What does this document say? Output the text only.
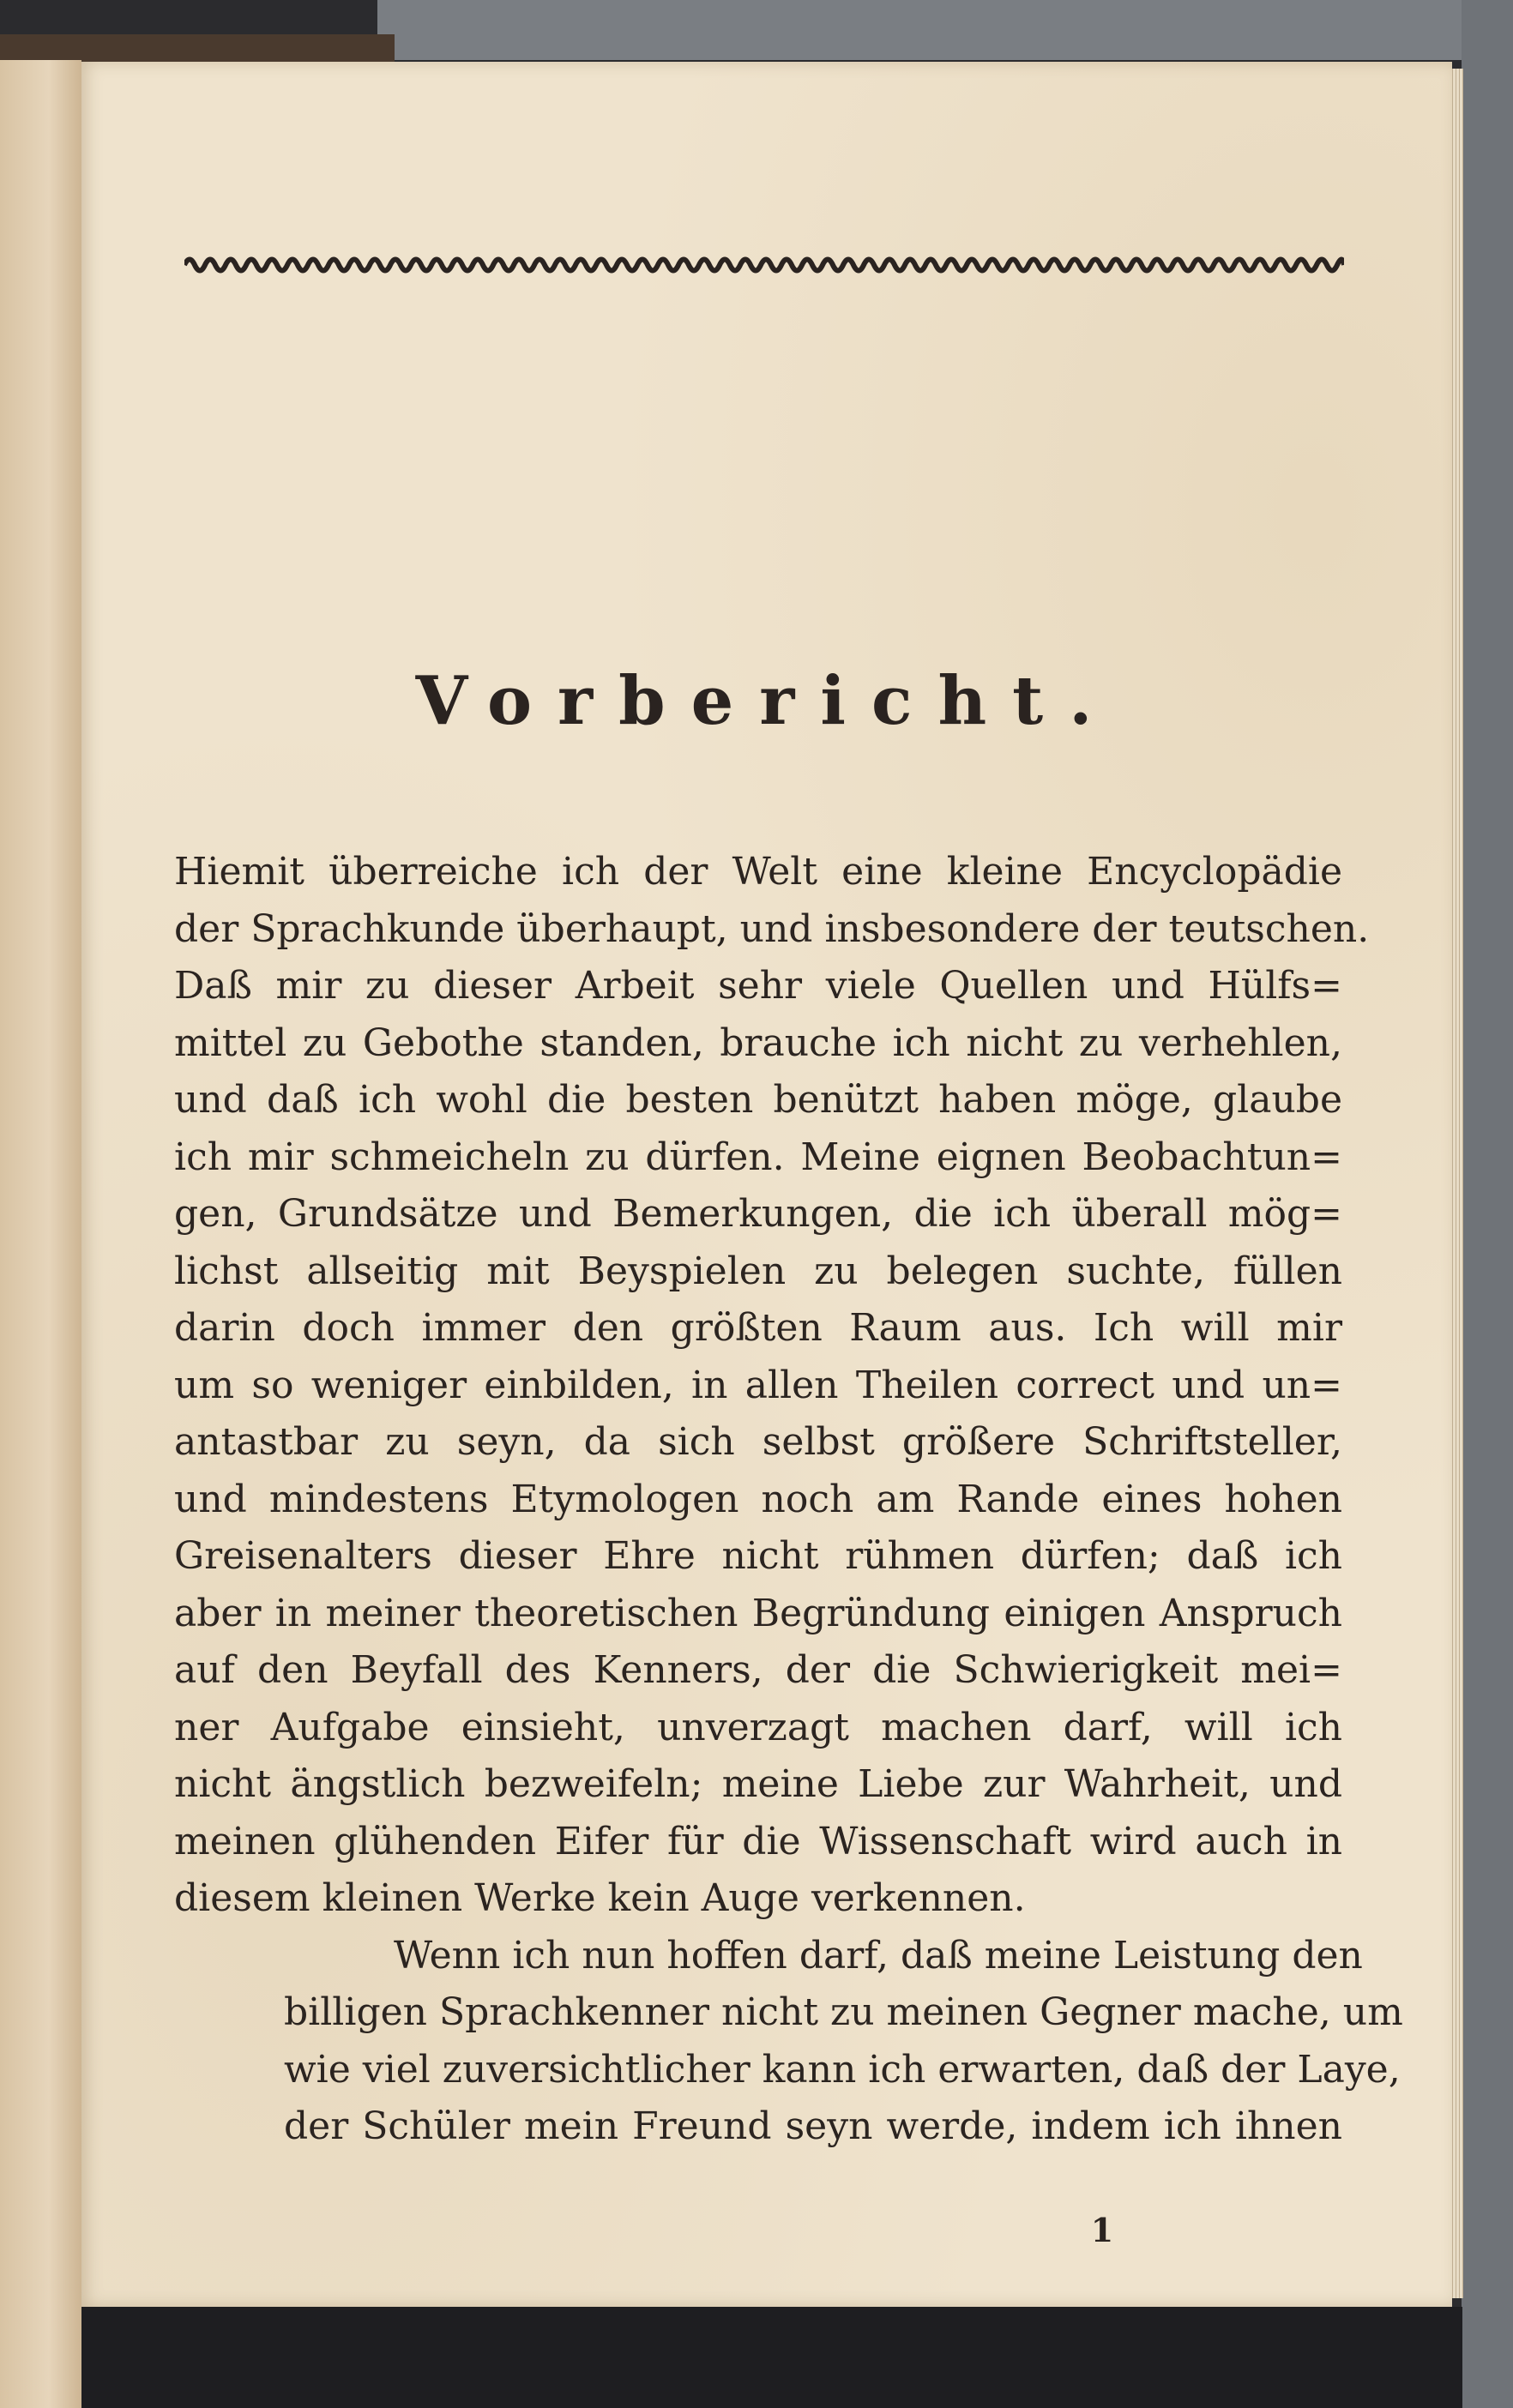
Vorbericht.
Hiemit überreiche ich der Welt eine kleine Encyclopädie
der Sprachkunde überhaupt, und insbesondere der teutschen.
Daß mir zu dieser Arbeit sehr viele Quellen und Hülfs=
mittel zu Gebothe standen, brauche ich nicht zu verhehlen,
und daß ich wohl die besten benützt haben möge, glaube
ich mir schmeicheln zu dürfen. Meine eignen Beobachtun=
gen, Grundsätze und Bemerkungen, die ich überall mög=
lichst allseitig mit Beyspielen zu belegen suchte, füllen
darin doch immer den größten Raum aus. Ich will mir
um so weniger einbilden, in allen Theilen correct und un=
antastbar zu seyn, da sich selbst größere Schriftsteller,
und mindestens Etymologen noch am Rande eines hohen
Greisenalters dieser Ehre nicht rühmen dürfen; daß ich
aber in meiner theoretischen Begründung einigen Anspruch
auf den Beyfall des Kenners, der die Schwierigkeit mei=
ner Aufgabe einsieht, unverzagt machen darf, will ich
nicht ängstlich bezweifeln; meine Liebe zur Wahrheit, und
meinen glühenden Eifer für die Wissenschaft wird auch in
diesem kleinen Werke kein Auge verkennen.
Wenn ich nun hoffen darf, daß meine Leistung den
billigen Sprachkenner nicht zu meinen Gegner mache, um
wie viel zuversichtlicher kann ich erwarten, daß der Laye,
der Schüler mein Freund seyn werde, indem ich ihnen
1
